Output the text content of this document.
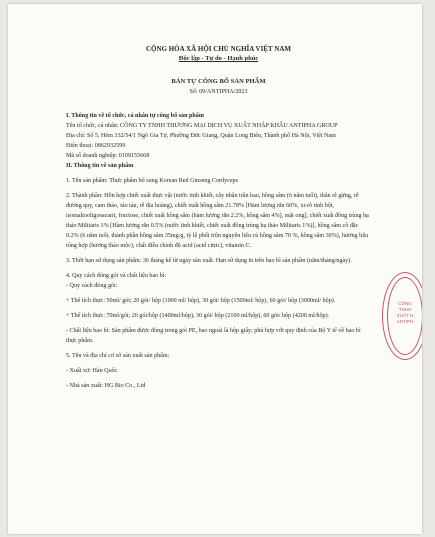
CỘNG HÒA XÃ HỘI CHỦ NGHĨA VIỆT NAM
Độc lập - Tự do - Hạnh phúc
BẢN TỰ CÔNG BỐ SẢN PHẨM
Số: 09/ANTIPHA/2023
I. Thông tin về tổ chức, cá nhân tự công bố sản phẩm

Tên tổ chức, cá nhân: CÔNG TY TNHH THƯƠNG MẠI DỊCH VỤ XUẤT NHẬP KHẨU ANTIPHA GROUP

Địa chỉ: Số 5, Hẻm 332/54/1 Ngõ Gia Tự, Phường Đức Giang, Quận Long Biên, Thành phố Hà Nội, Việt Nam

Điện thoại: 0862932599

Mã số doanh nghiệp: 0109155668

II. Thông tin về sản phẩm

1. Tên sản phẩm: Thực phẩm bổ sung Korean Red Ginseng Cordyceps

2. Thành phần: Hỗn hợp chiết xuất thực vật (nước tinh khiết, cây nhân trần hao, hồng sâm (6 năm tuổi), thân rễ gừng, rễ đương quy, cam thảo, táo tàu, rễ địa hoàng), chiết xuất hồng sâm 21.78% [Hàm lượng rắn 60%, xi-rô tinh bột, isomaltooligosacarit, fructose, chiết xuất hồng sâm (hàm lượng rắn 2.2%, hồng sâm 4%), mật ong], chiết xuất đông trùng hạ thảo Militaris 1% [Hàm lượng rắn 0.5% (nước tinh khiết, chiết xuất đông trùng hạ thảo Militaris 1%)], hồng sâm cô đặc 0.2% (6 năm tuổi, thành phần hồng sâm 35mg/g, tỷ lệ phối trộn nguyên liệu củ hồng sâm 70 %, hồng sâm 30%), hương liệu tổng hợp (hương thảo mộc), chất điều chỉnh độ acid (acid citric), vitamin C.

3. Thời hạn sử dụng sản phẩm: 36 tháng kể từ ngày sản xuất. Hạn sử dụng in trên bao bì sản phẩm (năm/tháng/ngày).

4. Quy cách đóng gói và chất liệu bao bì:

- Quy cách đóng gói:

+ Thể tích thực: 50ml/ gói; 20 gói/ hộp (1000 ml/ hộp), 30 gói/ hộp (1500ml/ hộp), 60 gói/ hộp (3000ml/ hộp).

+ Thể tích thực: 70ml/gói; 20 gói/hộp (1400ml/hộp), 30 gói/ hộp (2100 ml/hộp), 60 gói/ hộp (4200 ml/hộp).

- Chất liệu bao bì: Sản phẩm được đóng trong gói PE, bao ngoài là hộp giấy; phù hợp với quy định của Bộ Y tế về bao bì thực phẩm.

5. Tên và địa chỉ cơ sở sản xuất sản phẩm:

- Xuất xứ: Hàn Quốc

- Nhà sản xuất: HG Bio Co., Ltd

CÔNG
TNHH
XUẤT N
ANTIPH
